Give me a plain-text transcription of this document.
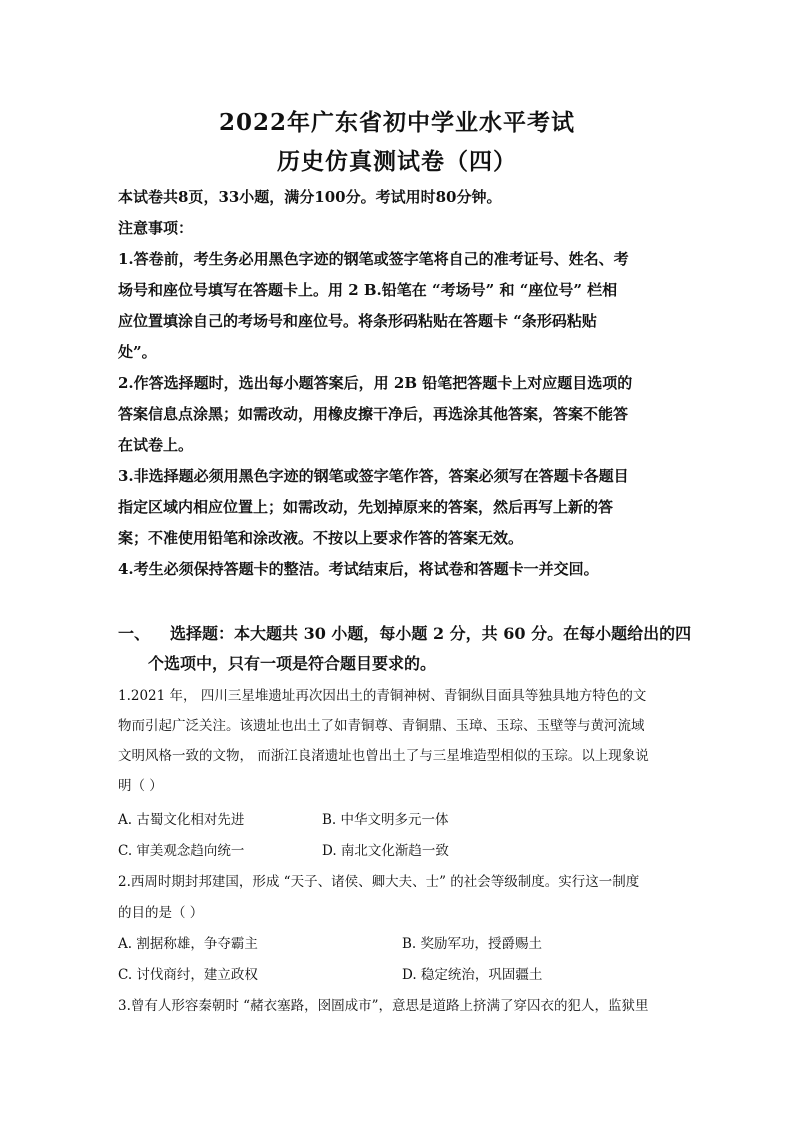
2022年广东省初中学业水平考试
历史仿真测试卷（四）
本试卷共8页，33小题，满分100分。考试用时80分钟。
注意事项：
1.答卷前，考生务必用黑色字迹的钢笔或签字笔将自己的准考证号、姓名、考
场号和座位号填写在答题卡上。用 2 B.铅笔在 “考场号” 和 “座位号” 栏相
应位置填涂自己的考场号和座位号。将条形码粘贴在答题卡 “条形码粘贴
处”。
2.作答选择题时，选出每小题答案后，用 2B 铅笔把答题卡上对应题目选项的
答案信息点涂黑；如需改动，用橡皮擦干净后，再选涂其他答案，答案不能答
在试卷上。
3.非选择题必须用黑色字迹的钢笔或签字笔作答，答案必须写在答题卡各题目
指定区域内相应位置上；如需改动，先划掉原来的答案，然后再写上新的答
案；不准使用铅笔和涂改液。不按以上要求作答的答案无效。
4.考生必须保持答题卡的整洁。考试结束后，将试卷和答题卡一并交回。
一、 选择题：本大题共 30 小题，每小题 2 分，共 60 分。在每小题给出的四
个选项中，只有一项是符合题目要求的。
1.2021 年， 四川三星堆遗址再次因出土的青铜神树、青铜纵目面具等独具地方特色的文
物而引起广泛关注。该遗址也出土了如青铜尊、青铜鼎、玉璋、玉琮、玉壁等与黄河流域
文明风格一致的文物， 而浙江良渚遗址也曾出土了与三星堆造型相似的玉琮。以上现象说
明（ ）
A. 古蜀文化相对先进	B. 中华文明多元一体
C. 审美观念趋向统一	D. 南北文化渐趋一致
2.西周时期封邦建国，形成 “天子、诸侯、卿大夫、士” 的社会等级制度。实行这一制度
的目的是（ ）
A. 割据称雄，争夺霸主	B. 奖励军功，授爵赐土
C. 讨伐商纣，建立政权	D. 稳定统治，巩固疆土
3.曾有人形容秦朝时 “赭衣塞路，囹圄成市”，意思是道路上挤满了穿囚衣的犯人，监狱里
